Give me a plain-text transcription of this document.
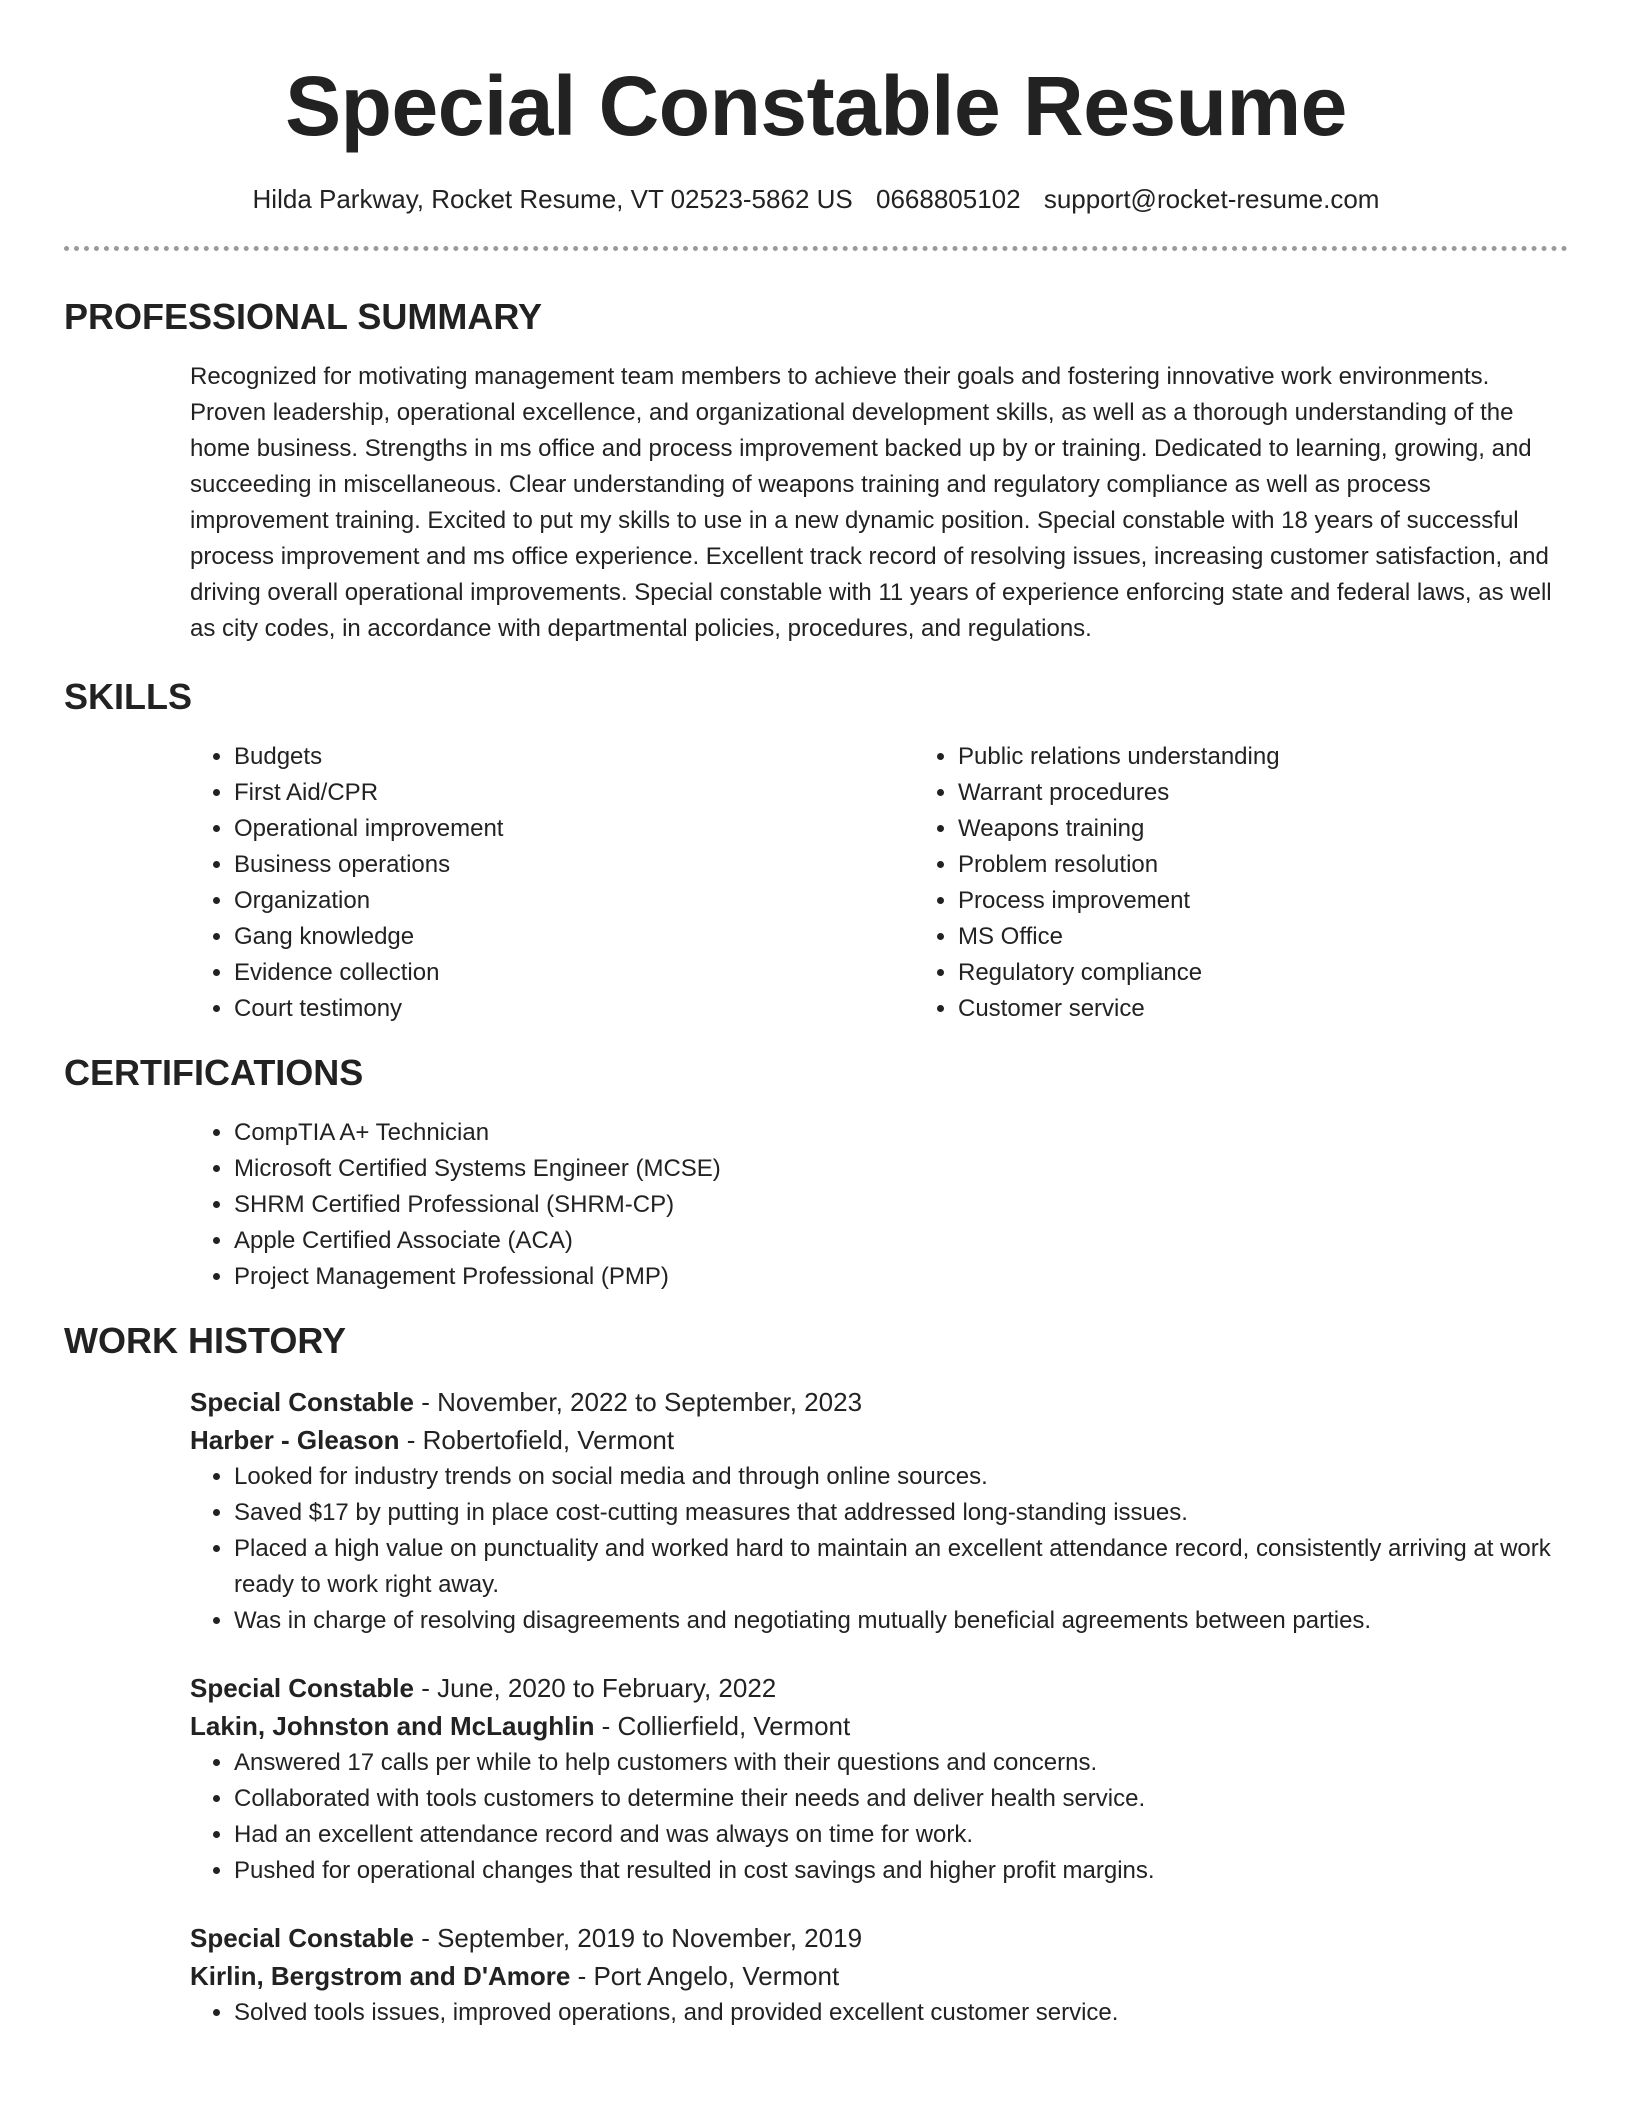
Special Constable Resume
Hilda Parkway, Rocket Resume, VT 02523-5862 US 0668805102 support@rocket-resume.com
PROFESSIONAL SUMMARY
Recognized for motivating management team members to achieve their goals and fostering innovative work environments. Proven leadership, operational excellence, and organizational development skills, as well as a thorough understanding of the home business. Strengths in ms office and process improvement backed up by or training. Dedicated to learning, growing, and succeeding in miscellaneous. Clear understanding of weapons training and regulatory compliance as well as process improvement training. Excited to put my skills to use in a new dynamic position. Special constable with 18 years of successful process improvement and ms office experience. Excellent track record of resolving issues, increasing customer satisfaction, and driving overall operational improvements. Special constable with 11 years of experience enforcing state and federal laws, as well as city codes, in accordance with departmental policies, procedures, and regulations.
SKILLS
• Budgets
• First Aid/CPR
• Operational improvement
• Business operations
• Organization
• Gang knowledge
• Evidence collection
• Court testimony
• Public relations understanding
• Warrant procedures
• Weapons training
• Problem resolution
• Process improvement
• MS Office
• Regulatory compliance
• Customer service
CERTIFICATIONS
• CompTIA A+ Technician
• Microsoft Certified Systems Engineer (MCSE)
• SHRM Certified Professional (SHRM-CP)
• Apple Certified Associate (ACA)
• Project Management Professional (PMP)
WORK HISTORY
Special Constable - November, 2022 to September, 2023
Harber - Gleason - Robertofield, Vermont
• Looked for industry trends on social media and through online sources.
• Saved $17 by putting in place cost-cutting measures that addressed long-standing issues.
• Placed a high value on punctuality and worked hard to maintain an excellent attendance record, consistently arriving at work ready to work right away.
• Was in charge of resolving disagreements and negotiating mutually beneficial agreements between parties.
Special Constable - June, 2020 to February, 2022
Lakin, Johnston and McLaughlin - Collierfield, Vermont
• Answered 17 calls per while to help customers with their questions and concerns.
• Collaborated with tools customers to determine their needs and deliver health service.
• Had an excellent attendance record and was always on time for work.
• Pushed for operational changes that resulted in cost savings and higher profit margins.
Special Constable - September, 2019 to November, 2019
Kirlin, Bergstrom and D'Amore - Port Angelo, Vermont
• Solved tools issues, improved operations, and provided excellent customer service.
